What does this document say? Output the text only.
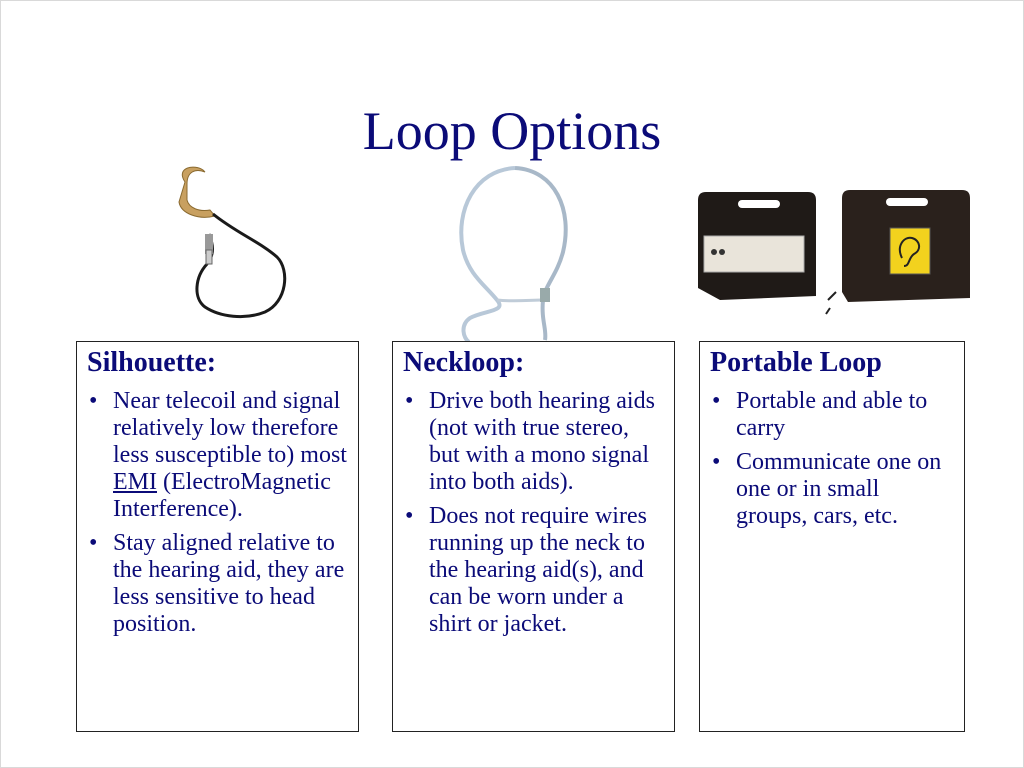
Loop Options
Silhouette:
• Near telecoil and signal relatively low therefore less susceptible to) most EMI (ElectroMagnetic Interference).
• Stay aligned relative to the hearing aid, they are less sensitive to head position.
Neckloop:
• Drive both hearing aids (not with true stereo, but with a mono signal into both aids).
• Does not require wires running up the neck to the hearing aid(s), and can be worn under a shirt or jacket.
Portable Loop
• Portable and able to carry
• Communicate one on one or in small groups, cars, etc.
